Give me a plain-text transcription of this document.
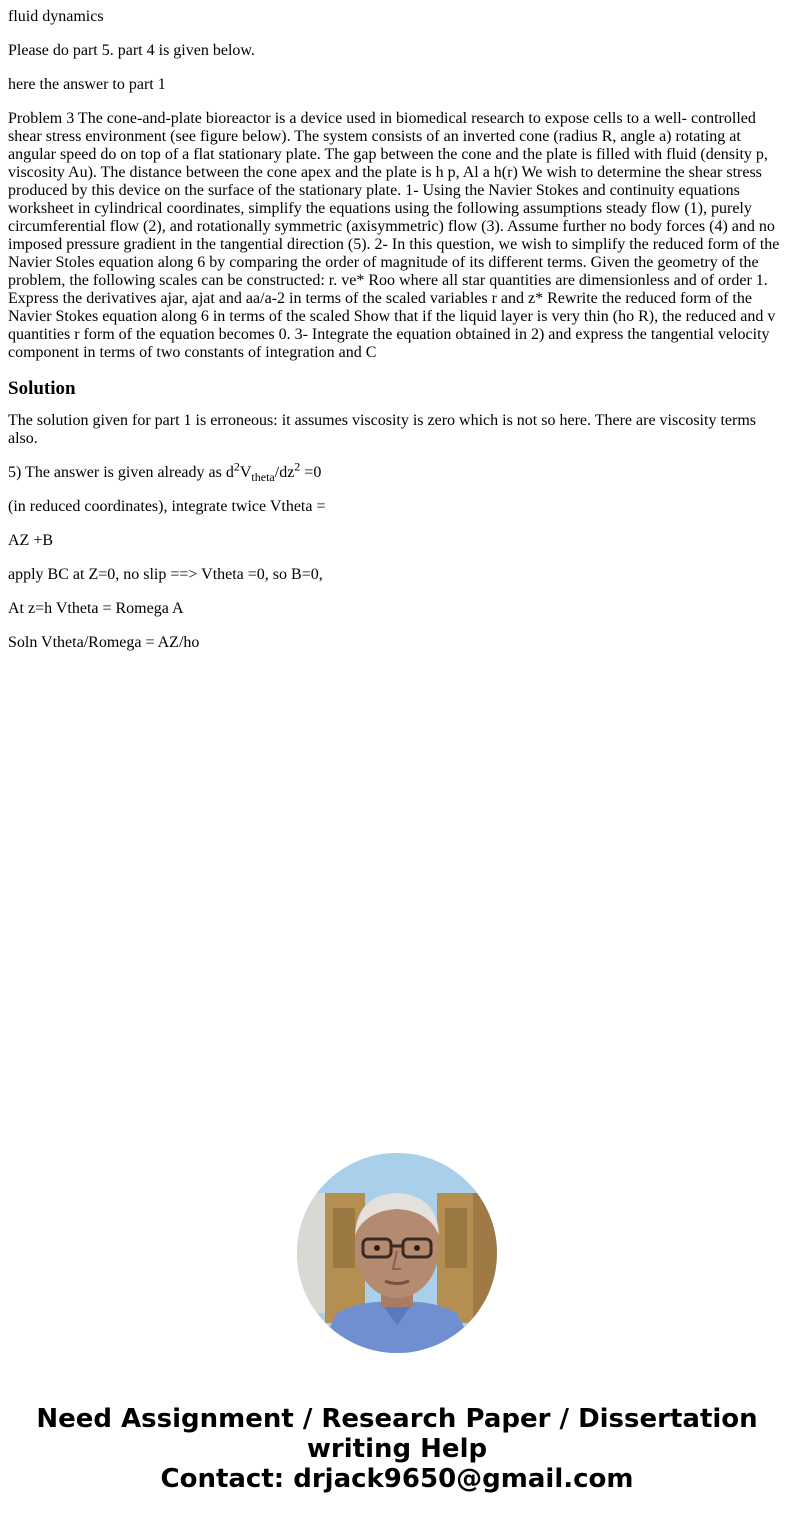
fluid dynamics

Please do part 5. part 4 is given below.

here the answer to part 1

Problem 3 The cone-and-plate bioreactor is a device used in biomedical research to expose cells to a well- controlled shear stress environment (see figure below). The system consists of an inverted cone (radius R, angle a) rotating at angular speed do on top of a flat stationary plate. The gap between the cone and the plate is filled with fluid (density p, viscosity Au). The distance between the cone apex and the plate is h p, Al a h(r) We wish to determine the shear stress produced by this device on the surface of the stationary plate. 1- Using the Navier Stokes and continuity equations worksheet in cylindrical coordinates, simplify the equations using the following assumptions steady flow (1), purely circumferential flow (2), and rotationally symmetric (axisymmetric) flow (3). Assume further no body forces (4) and no imposed pressure gradient in the tangential direction (5). 2- In this question, we wish to simplify the reduced form of the Navier Stoles equation along 6 by comparing the order of magnitude of its different terms. Given the geometry of the problem, the following scales can be constructed: r. ve* Roo where all star quantities are dimensionless and of order 1. Express the derivatives ajar, ajat and aa/a-2 in terms of the scaled variables r and z* Rewrite the reduced form of the Navier Stokes equation along 6 in terms of the scaled Show that if the liquid layer is very thin (ho R), the reduced and v quantities r form of the equation becomes 0. 3- Integrate the equation obtained in 2) and express the tangential velocity component in terms of two constants of integration and C

Solution

The solution given for part 1 is erroneous: it assumes viscosity is zero which is not so here. There are viscosity terms also.

5) The answer is given already as $d^2V_{theta}/dz^2 =0$

(in reduced coordinates), integrate twice Vtheta =

AZ +B

apply BC at Z=0, no slip ==> Vtheta =0, so B=0,

At z=h Vtheta = Romega A

Soln Vtheta/Romega = AZ/ho

Need Assignment / Research Paper / Dissertation
writing Help
Contact: drjack9650@gmail.com
